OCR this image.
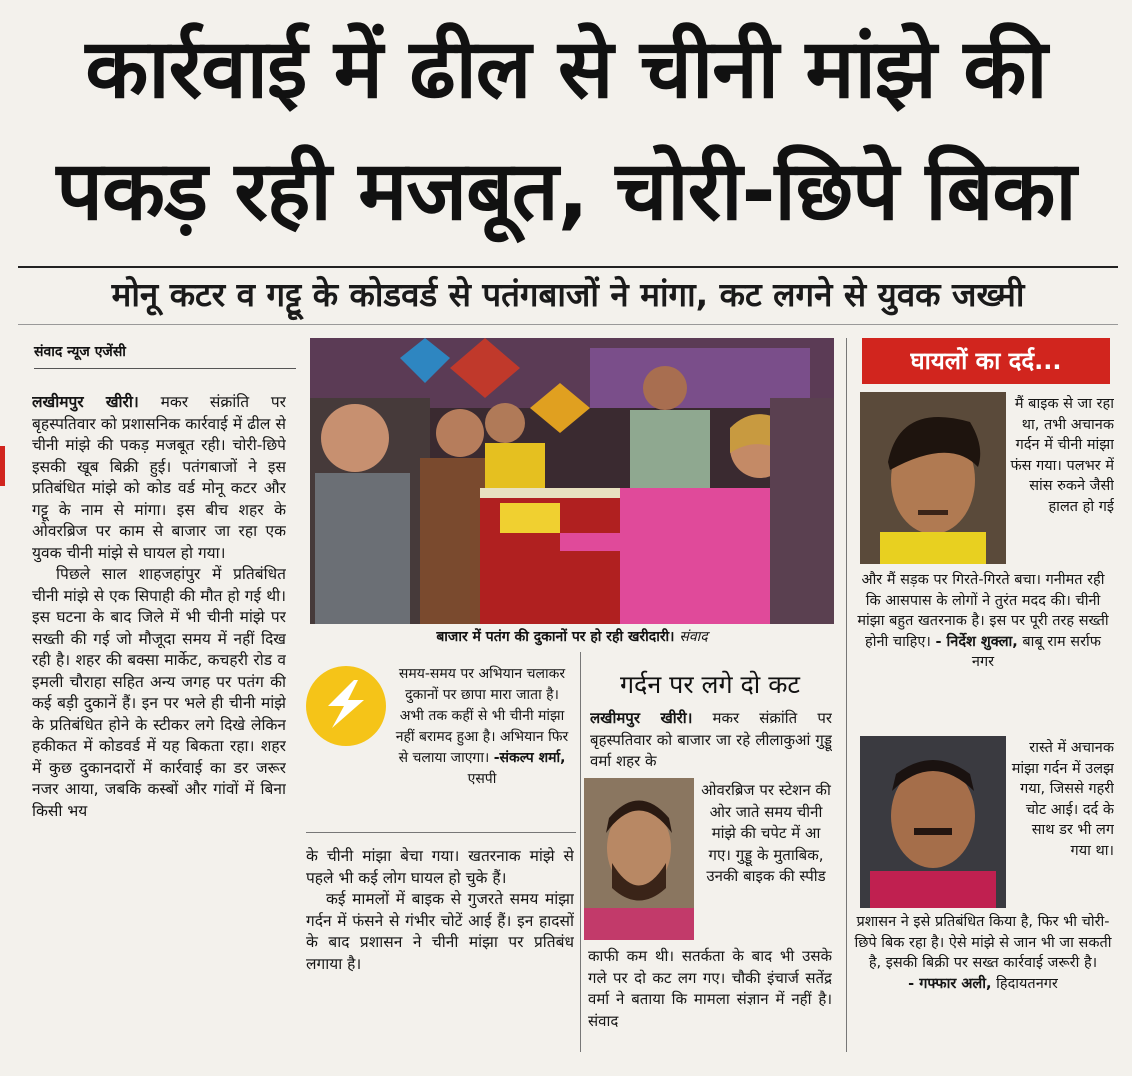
कार्रवाई में ढील से चीनी मांझे की
पकड़ रही मजबूत, चोरी-छिपे बिका
मोनू कटर व गट्टू के कोडवर्ड से पतंगबाजों ने मांगा, कट लगने से युवक जख्मी
संवाद न्यूज एजेंसी

लखीमपुर खीरी। मकर संक्रांति पर बृहस्पतिवार को प्रशासनिक कार्रवाई में ढील से चीनी मांझे की पकड़ मजबूत रही। चोरी-छिपे इसकी खूब बिक्री हुई। पतंगबाजों ने इस प्रतिबंधित मांझे को कोड वर्ड मोनू कटर और गट्टू के नाम से मांगा। इस बीच शहर के ओवरब्रिज पर काम से बाजार जा रहा एक युवक चीनी मांझे से घायल हो गया।

पिछले साल शाहजहांपुर में प्रतिबंधित चीनी मांझे से एक सिपाही की मौत हो गई थी। इस घटना के बाद जिले में भी चीनी मांझे पर सख्ती की गई जो मौजूदा समय में नहीं दिख रही है। शहर की बक्सा मार्केट, कचहरी रोड व इमली चौराहा सहित अन्य जगह पर पतंग की कई बड़ी दुकानें हैं। इन पर भले ही चीनी मांझे के प्रतिबंधित होने के स्टीकर लगे दिखे लेकिन हकीकत में कोडवर्ड में यह बिकता रहा। शहर में कुछ दुकानदारों में कार्रवाई का डर जरूर नजर आया, जबकि कस्बों और गांवों में बिना किसी भय

बाजार में पतंग की दुकानों पर हो रही खरीदारी। संवाद
समय-समय पर अभियान चलाकर दुकानों पर छापा मारा जाता है। अभी तक कहीं से भी चीनी मांझा नहीं बरामद हुआ है। अभियान फिर से चलाया जाएगा। -संकल्प शर्मा, एसपी

के चीनी मांझा बेचा गया। खतरनाक मांझे से पहले भी कई लोग घायल हो चुके हैं।

कई मामलों में बाइक से गुजरते समय मांझा गर्दन में फंसने से गंभीर चोटें आई हैं। इन हादसों के बाद प्रशासन ने चीनी मांझा पर प्रतिबंध लगाया है।

गर्दन पर लगे दो कट
लखीमपुर खीरी। मकर संक्रांति पर बृहस्पतिवार को बाजार जा रहे लीलाकुआं गुड्डू वर्मा शहर के
ओवरब्रिज पर स्टेशन की ओर जाते समय चीनी मांझे की चपेट में आ गए। गुड्डू के मुताबिक, उनकी बाइक की स्पीड
काफी कम थी। सतर्कता के बाद भी उसके गले पर दो कट लग गए। चौकी इंचार्ज सतेंद्र वर्मा ने बताया कि मामला संज्ञान में नहीं है। संवाद
घायलों का दर्द...
मैं बाइक से जा रहा था, तभी अचानक गर्दन में चीनी मांझा फंस गया। पलभर में सांस रुकने जैसी हालत हो गई
और मैं सड़क पर गिरते-गिरते बचा। गनीमत रही कि आसपास के लोगों ने तुरंत मदद की। चीनी मांझा बहुत खतरनाक है। इस पर पूरी तरह सख्ती होनी चाहिए। - निर्देश शुक्ला, बाबू राम सर्राफ नगर
रास्ते में अचानक मांझा गर्दन में उलझ गया, जिससे गहरी चोट आई। दर्द के साथ डर भी लग गया था।
प्रशासन ने इसे प्रतिबंधित किया है, फिर भी चोरी-छिपे बिक रहा है। ऐसे मांझे से जान भी जा सकती है, इसकी बिक्री पर सख्त कार्रवाई जरूरी है।
- गफ्फार अली, हिदायतनगर
